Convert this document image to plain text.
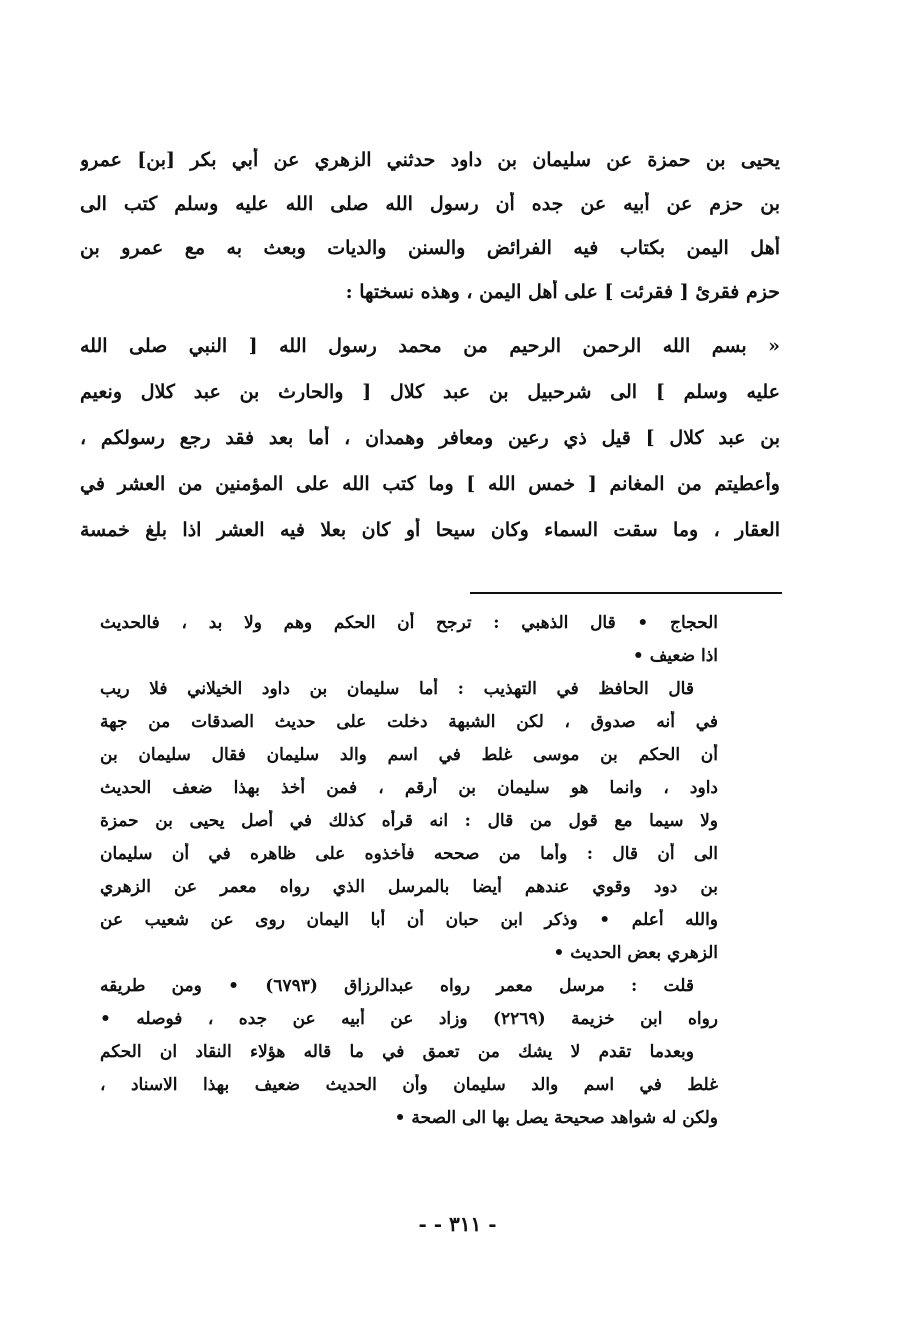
يحيى بن حمزة عن سليمان بن داود حدثني الزهري عن أبي بكر [بن] عمرو
بن حزم عن أبيه عن جده أن رسول الله صلى الله عليه وسلم كتب الى
أهل اليمن بكتاب فيه الفرائض والسنن والديات وبعث به مع عمرو بن
حزم فقرئ [ فقرئت ] على أهل اليمن ، وهذه نسختها :
« بسم الله الرحمن الرحيم من محمد رسول الله [ النبي صلى الله
عليه وسلم ] الى شرحبيل بن عبد كلال [ والحارث بن عبد كلال ونعيم
بن عبد كلال ] قيل ذي رعين ومعافر وهمدان ، أما بعد فقد رجع رسولكم ،
وأعطيتم من المغانم [ خمس الله ] وما كتب الله على المؤمنين من العشر في
العقار ، وما سقت السماء وكان سيحا أو كان بعلا فيه العشر اذا بلغ خمسة
الحجاج • قال الذهبي : ترجح أن الحكم وهم ولا بد ، فالحديث
اذا ضعيف •
قال الحافظ في التهذيب : أما سليمان بن داود الخيلاني فلا ريب
في أنه صدوق ، لكن الشبهة دخلت على حديث الصدقات من جهة
أن الحكم بن موسى غلط في اسم والد سليمان فقال سليمان بن
داود ، وانما هو سليمان بن أرقم ، فمن أخذ بهذا ضعف الحديث
ولا سيما مع قول من قال : انه قرأه كذلك في أصل يحيى بن حمزة
الى أن قال : وأما من صححه فأخذوه على ظاهره في أن سليمان
بن دود وقوي عندهم أيضا بالمرسل الذي رواه معمر عن الزهري
والله أعلم • وذكر ابن حبان أن أبا اليمان روى عن شعيب عن
الزهري بعض الحديث •
قلت : مرسل معمر رواه عبدالرزاق (٦٧٩٣) • ومن طريقه
رواه ابن خزيمة (٢٢٦٩) وزاد عن أبيه عن جده ، فوصله •
وبعدما تقدم لا يشك من تعمق في ما قاله هؤلاء النقاد ان الحكم
غلط في اسم والد سليمان وأن الحديث ضعيف بهذا الاسناد ،
ولكن له شواهد صحيحة يصل بها الى الصحة •
- - ٣١١ -
